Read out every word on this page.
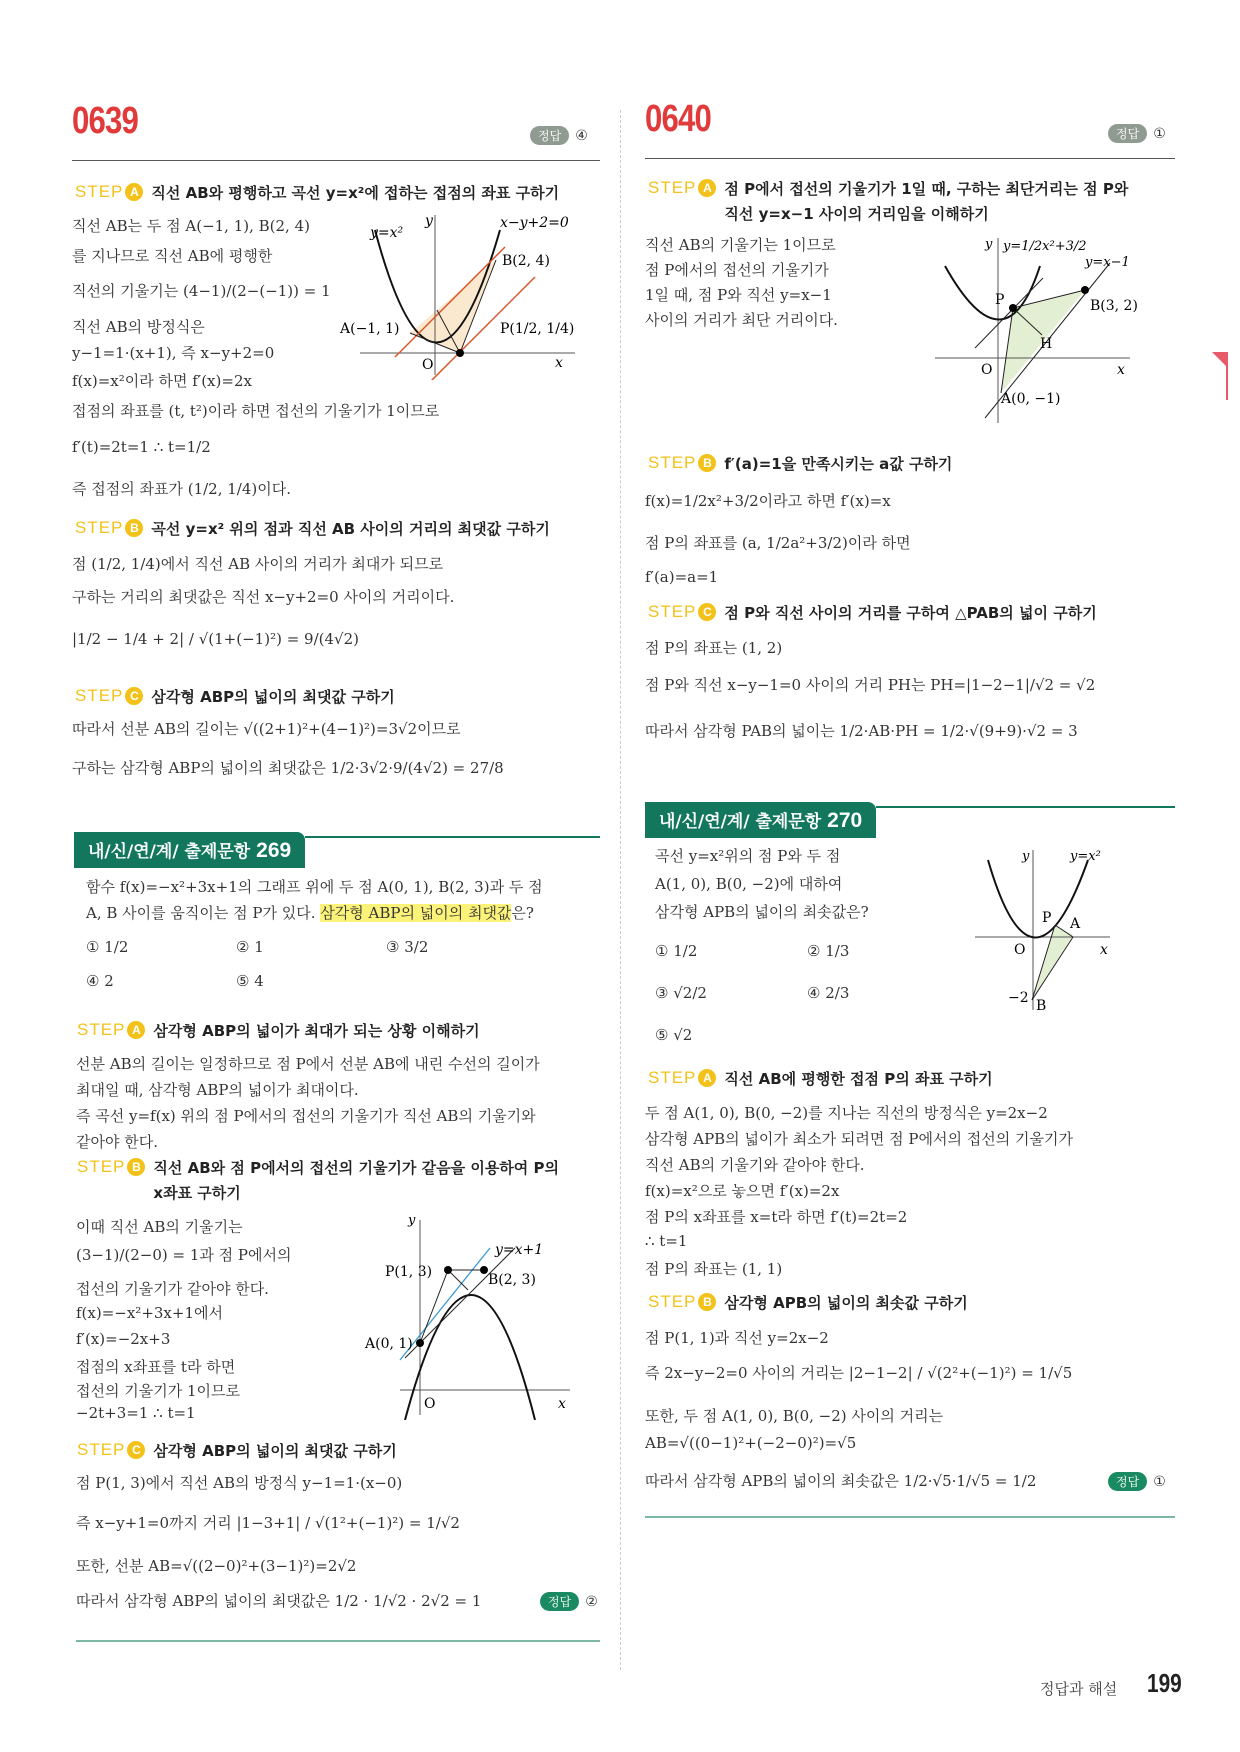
0639	정답	④
STEP A 직선 AB와 평행하고 곡선 y=x²에 접하는 접점의 좌표 구하기
직선 AB는 두 점 A(−1, 1), B(2, 4)
를 지나므로 직선 AB에 평행한
직선의 기울기는 (4−1)/(2−(−1)) = 1
직선 AB의 방정식은
y−1=1·(x+1), 즉 x−y+2=0
f(x)=x²이라 하면 f′(x)=2x
접점의 좌표를 (t, t²)이라 하면 접선의 기울기가 1이므로
f′(t)=2t=1 ∴ t=1/2
즉 접점의 좌표가 (1/2, 1/4)이다.
y=x²
y	x−y+2=0
B(2, 4)
A(−1, 1)	P(1/2, 1/4)
O	x
STEP B 곡선 y=x² 위의 점과 직선 AB 사이의 거리의 최댓값 구하기
점 (1/2, 1/4)에서 직선 AB 사이의 거리가 최대가 되므로
구하는 거리의 최댓값은 직선 x−y+2=0 사이의 거리이다.
|1/2 − 1/4 + 2| / √(1+(−1)²) = 9/(4√2)
STEP C 삼각형 ABP의 넓이의 최댓값 구하기
따라서 선분 AB의 길이는 √((2+1)²+(4−1)²)=3√2이므로
구하는 삼각형 ABP의 넓이의 최댓값은 1/2·3√2·9/(4√2) = 27/8
내/신/연/계/ 출제문항 269
함수 f(x)=−x²+3x+1의 그래프 위에 두 점 A(0, 1), B(2, 3)과 두 점
A, B 사이를 움직이는 점 P가 있다. 삼각형 ABP의 넓이의 최댓값은?
① 1/2	② 1	③ 3/2
④ 2	⑤ 4
STEP A 삼각형 ABP의 넓이가 최대가 되는 상황 이해하기
선분 AB의 길이는 일정하므로 점 P에서 선분 AB에 내린 수선의 길이가
최대일 때, 삼각형 ABP의 넓이가 최대이다.
즉 곡선 y=f(x) 위의 점 P에서의 접선의 기울기가 직선 AB의 기울기와
같아야 한다.
STEP B 직선 AB와 점 P에서의 접선의 기울기가 같음을 이용하여 P의
x좌표 구하기
이때 직선 AB의 기울기는
(3−1)/(2−0) = 1과 점 P에서의
접선의 기울기가 같아야 한다.
f(x)=−x²+3x+1에서
f′(x)=−2x+3
접점의 x좌표를 t라 하면
접선의 기울기가 1이므로
−2t+3=1 ∴ t=1
y
y=x+1
P(1, 3)	B(2, 3)
A(0, 1)
O	x
STEP C 삼각형 ABP의 넓이의 최댓값 구하기
점 P(1, 3)에서 직선 AB의 방정식 y−1=1·(x−0)
즉 x−y+1=0까지 거리 |1−3+1| / √(1²+(−1)²) = 1/√2
또한, 선분 AB=√((2−0)²+(3−1)²)=2√2
따라서 삼각형 ABP의 넓이의 최댓값은 1/2 · 1/√2 · 2√2 = 1	정답	②
0640	정답	①
STEP A 점 P에서 접선의 기울기가 1일 때, 구하는 최단거리는 점 P와
직선 y=x−1 사이의 거리임을 이해하기
직선 AB의 기울기는 1이므로
점 P에서의 접선의 기울기가
1일 때, 점 P와 직선 y=x−1
사이의 거리가 최단 거리이다.
y y=1/2x²+3/2
y=x−1
P	B(3, 2)
H
O	x
A(0, −1)
STEP B f′(a)=1을 만족시키는 a값 구하기
f(x)=1/2x²+3/2이라고 하면 f′(x)=x
점 P의 좌표를 (a, 1/2a²+3/2)이라 하면
f′(a)=a=1
STEP C 점 P와 직선 사이의 거리를 구하여 △PAB의 넓이 구하기
점 P의 좌표는 (1, 2)
점 P와 직선 x−y−1=0 사이의 거리 PH는 PH=|1−2−1|/√2 = √2
따라서 삼각형 PAB의 넓이는 1/2·AB·PH = 1/2·√(9+9)·√2 = 3
내/신/연/계/ 출제문항 270
곡선 y=x²위의 점 P와 두 점
A(1, 0), B(0, −2)에 대하여
삼각형 APB의 넓이의 최솟값은?
① 1/2	② 1/3
③ √2/2	④ 2/3
⑤ √2
y	y=x²
P A
O	x
−2 B
STEP A 직선 AB에 평행한 접점 P의 좌표 구하기
두 점 A(1, 0), B(0, −2)를 지나는 직선의 방정식은 y=2x−2
삼각형 APB의 넓이가 최소가 되려면 점 P에서의 접선의 기울기가
직선 AB의 기울기와 같아야 한다.
f(x)=x²으로 놓으면 f′(x)=2x
점 P의 x좌표를 x=t라 하면 f′(t)=2t=2
∴ t=1
점 P의 좌표는 (1, 1)
STEP B 삼각형 APB의 넓이의 최솟값 구하기
점 P(1, 1)과 직선 y=2x−2
즉 2x−y−2=0 사이의 거리는 |2−1−2| / √(2²+(−1)²) = 1/√5
또한, 두 점 A(1, 0), B(0, −2) 사이의 거리는
AB=√((0−1)²+(−2−0)²)=√5
따라서 삼각형 APB의 넓이의 최솟값은 1/2·√5·1/√5 = 1/2	정답	①
정답과 해설 199
